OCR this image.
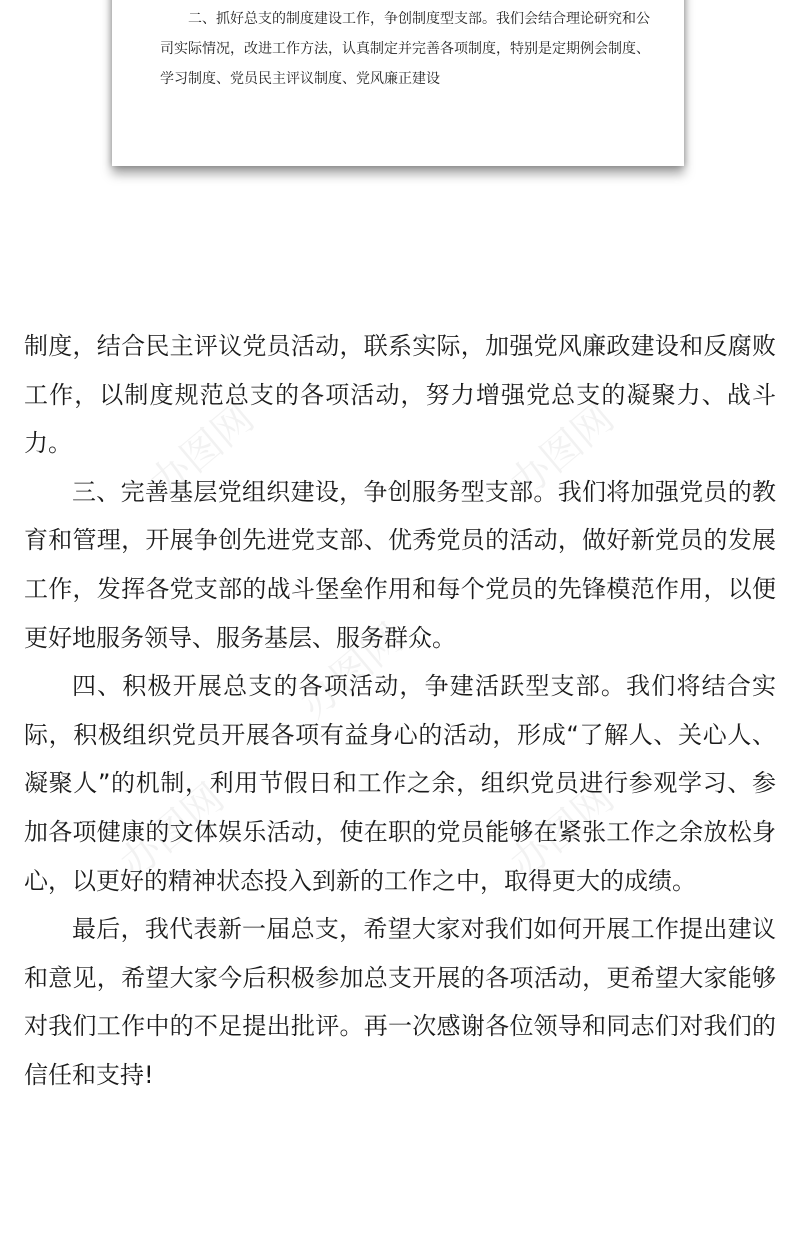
二、抓好总支的制度建设工作，争创制度型支部。我们会结合理论研究和公司实际情况，改进工作方法，认真制定并完善各项制度，特别是定期例会制度、学习制度、党员民主评议制度、党风廉正建设

办图网	办图网
办图网
办图网	办图网

制度，结合民主评议党员活动，联系实际，加强党风廉政建设和反腐败工作，以制度规范总支的各项活动，努力增强党总支的凝聚力、战斗力。

三、完善基层党组织建设，争创服务型支部。我们将加强党员的教育和管理，开展争创先进党支部、优秀党员的活动，做好新党员的发展工作，发挥各党支部的战斗堡垒作用和每个党员的先锋模范作用，以便更好地服务领导、服务基层、服务群众。

四、积极开展总支的各项活动，争建活跃型支部。我们将结合实际，积极组织党员开展各项有益身心的活动，形成“了解人、关心人、凝聚人”的机制，利用节假日和工作之余，组织党员进行参观学习、参加各项健康的文体娱乐活动，使在职的党员能够在紧张工作之余放松身心，以更好的精神状态投入到新的工作之中，取得更大的成绩。

最后，我代表新一届总支，希望大家对我们如何开展工作提出建议和意见，希望大家今后积极参加总支开展的各项活动，更希望大家能够对我们工作中的不足提出批评。再一次感谢各位领导和同志们对我们的信任和支持!
